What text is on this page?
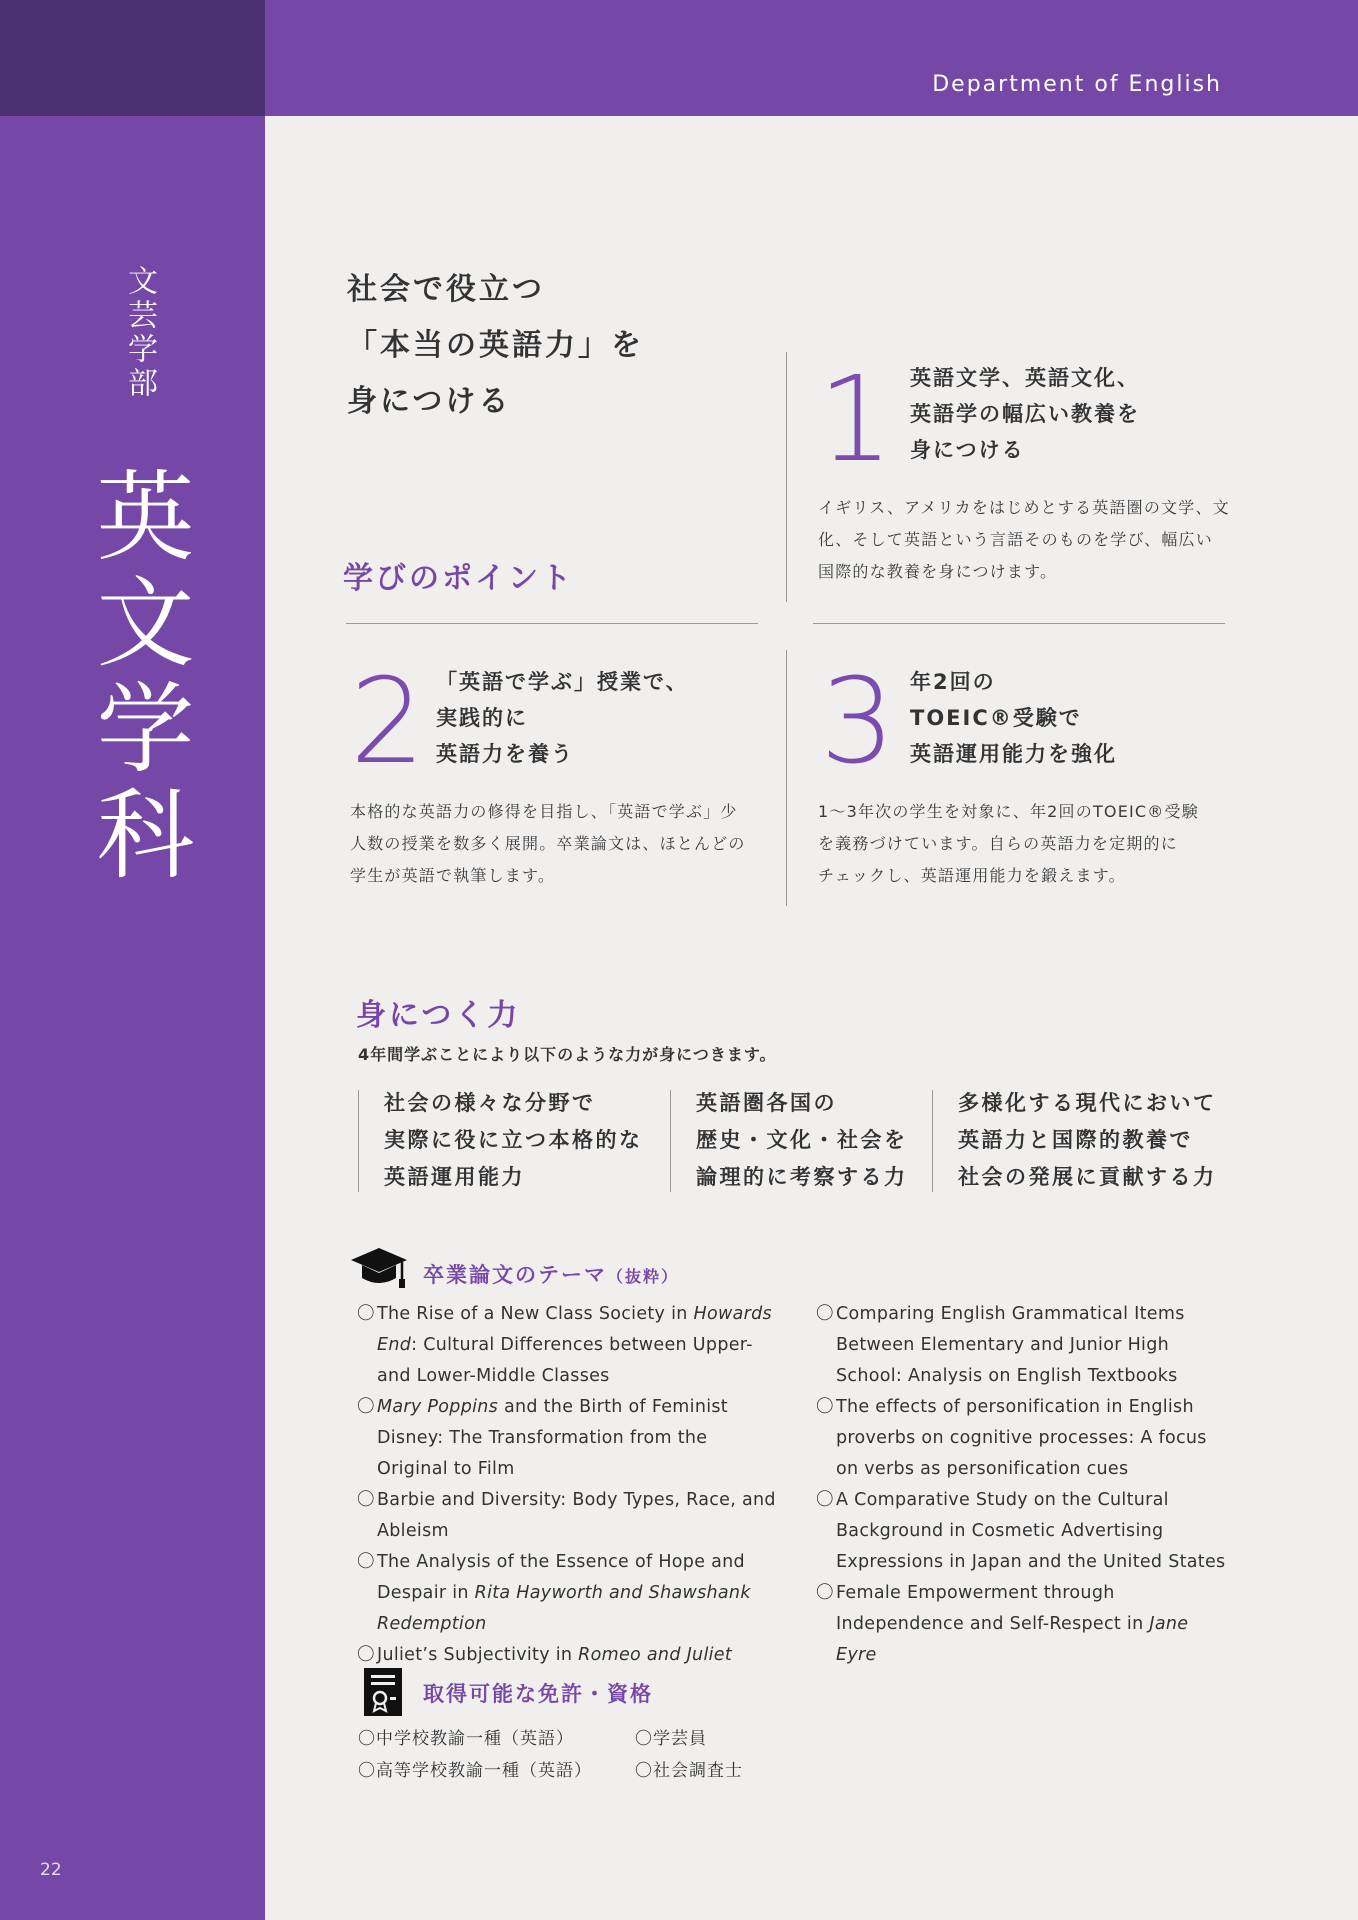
Department of English
文芸学部
英文学科
22
社会で役立つ
「本当の英語力」を
身につける
学びのポイント
1 英語文学、英語文化、
英語学の幅広い教養を
身につける
イギリス、アメリカをはじめとする英語圏の文学、文
化、そして英語という言語そのものを学び、幅広い
国際的な教養を身につけます。
2 「英語で学ぶ」授業で、
実践的に
英語力を養う
本格的な英語力の修得を目指し、「英語で学ぶ」少
人数の授業を数多く展開。卒業論文は、ほとんどの
学生が英語で執筆します。
3 年2回の
TOEIC®受験で
英語運用能力を強化
1〜3年次の学生を対象に、年2回のTOEIC®受験
を義務づけています。自らの英語力を定期的に
チェックし、英語運用能力を鍛えます。
身につく力
4年間学ぶことにより以下のような力が身につきます。
社会の様々な分野で
実際に役に立つ本格的な
英語運用能力
英語圏各国の
歴史・文化・社会を
論理的に考察する力
多様化する現代において
英語力と国際的教養で
社会の発展に貢献する力
卒業論文のテーマ（抜粋）
〇 The Rise of a New Class Society in Howards End: Cultural Differences between Upper-and Lower-Middle Classes
〇 Mary Poppins and the Birth of Feminist Disney: The Transformation from the Original to Film
〇 Barbie and Diversity: Body Types, Race, and Ableism
〇 The Analysis of the Essence of Hope and Despair in Rita Hayworth and Shawshank Redemption
〇 Juliet’s Subjectivity in Romeo and Juliet
〇 Comparing English Grammatical Items Between Elementary and Junior High School: Analysis on English Textbooks
〇 The effects of personification in English proverbs on cognitive processes: A focus on verbs as personification cues
〇 A Comparative Study on the Cultural Background in Cosmetic Advertising Expressions in Japan and the United States
〇 Female Empowerment through Independence and Self-Respect in Jane Eyre
取得可能な免許・資格
〇中学校教諭一種（英語）	〇学芸員
〇高等学校教諭一種（英語）	〇社会調査士
